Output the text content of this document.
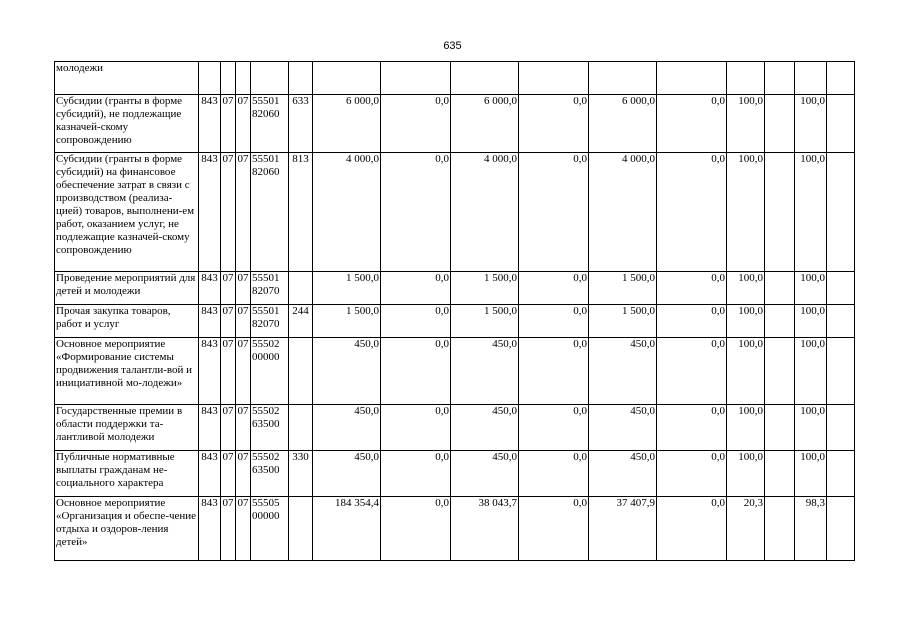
635
молодежи															
Субсидии (гранты в форме субсидий), не подлежащие казначей-скому сопровождению	843	07	07	55501 82060	633	6 000,0	0,0	6 000,0	0,0	6 000,0	0,0	100,0		100,0	
Субсидии (гранты в форме субсидий) на финансовое обеспечение затрат в связи с производством (реализа-цией) товаров, выполнени-ем работ, оказанием услуг, не подлежащие казначей-скому сопровождению	843	07	07	55501 82060	813	4 000,0	0,0	4 000,0	0,0	4 000,0	0,0	100,0		100,0	
Проведение мероприятий для детей и молодежи	843	07	07	55501 82070		1 500,0	0,0	1 500,0	0,0	1 500,0	0,0	100,0		100,0	
Прочая закупка товаров, работ и услуг	843	07	07	55501 82070	244	1 500,0	0,0	1 500,0	0,0	1 500,0	0,0	100,0		100,0	
Основное мероприятие «Формирование системы продвижения талантли-вой и инициативной мо-лодежи»	843	07	07	55502 00000		450,0	0,0	450,0	0,0	450,0	0,0	100,0		100,0	
Государственные премии в области поддержки та-лантливой молодежи	843	07	07	55502 63500		450,0	0,0	450,0	0,0	450,0	0,0	100,0		100,0	
Публичные нормативные выплаты гражданам не-социального характера	843	07	07	55502 63500	330	450,0	0,0	450,0	0,0	450,0	0,0	100,0		100,0	
Основное мероприятие «Организация и обеспе-чение отдыха и оздоров-ления детей»	843	07	07	55505 00000		184 354,4	0,0	38 043,7	0,0	37 407,9	0,0	20,3		98,3	
